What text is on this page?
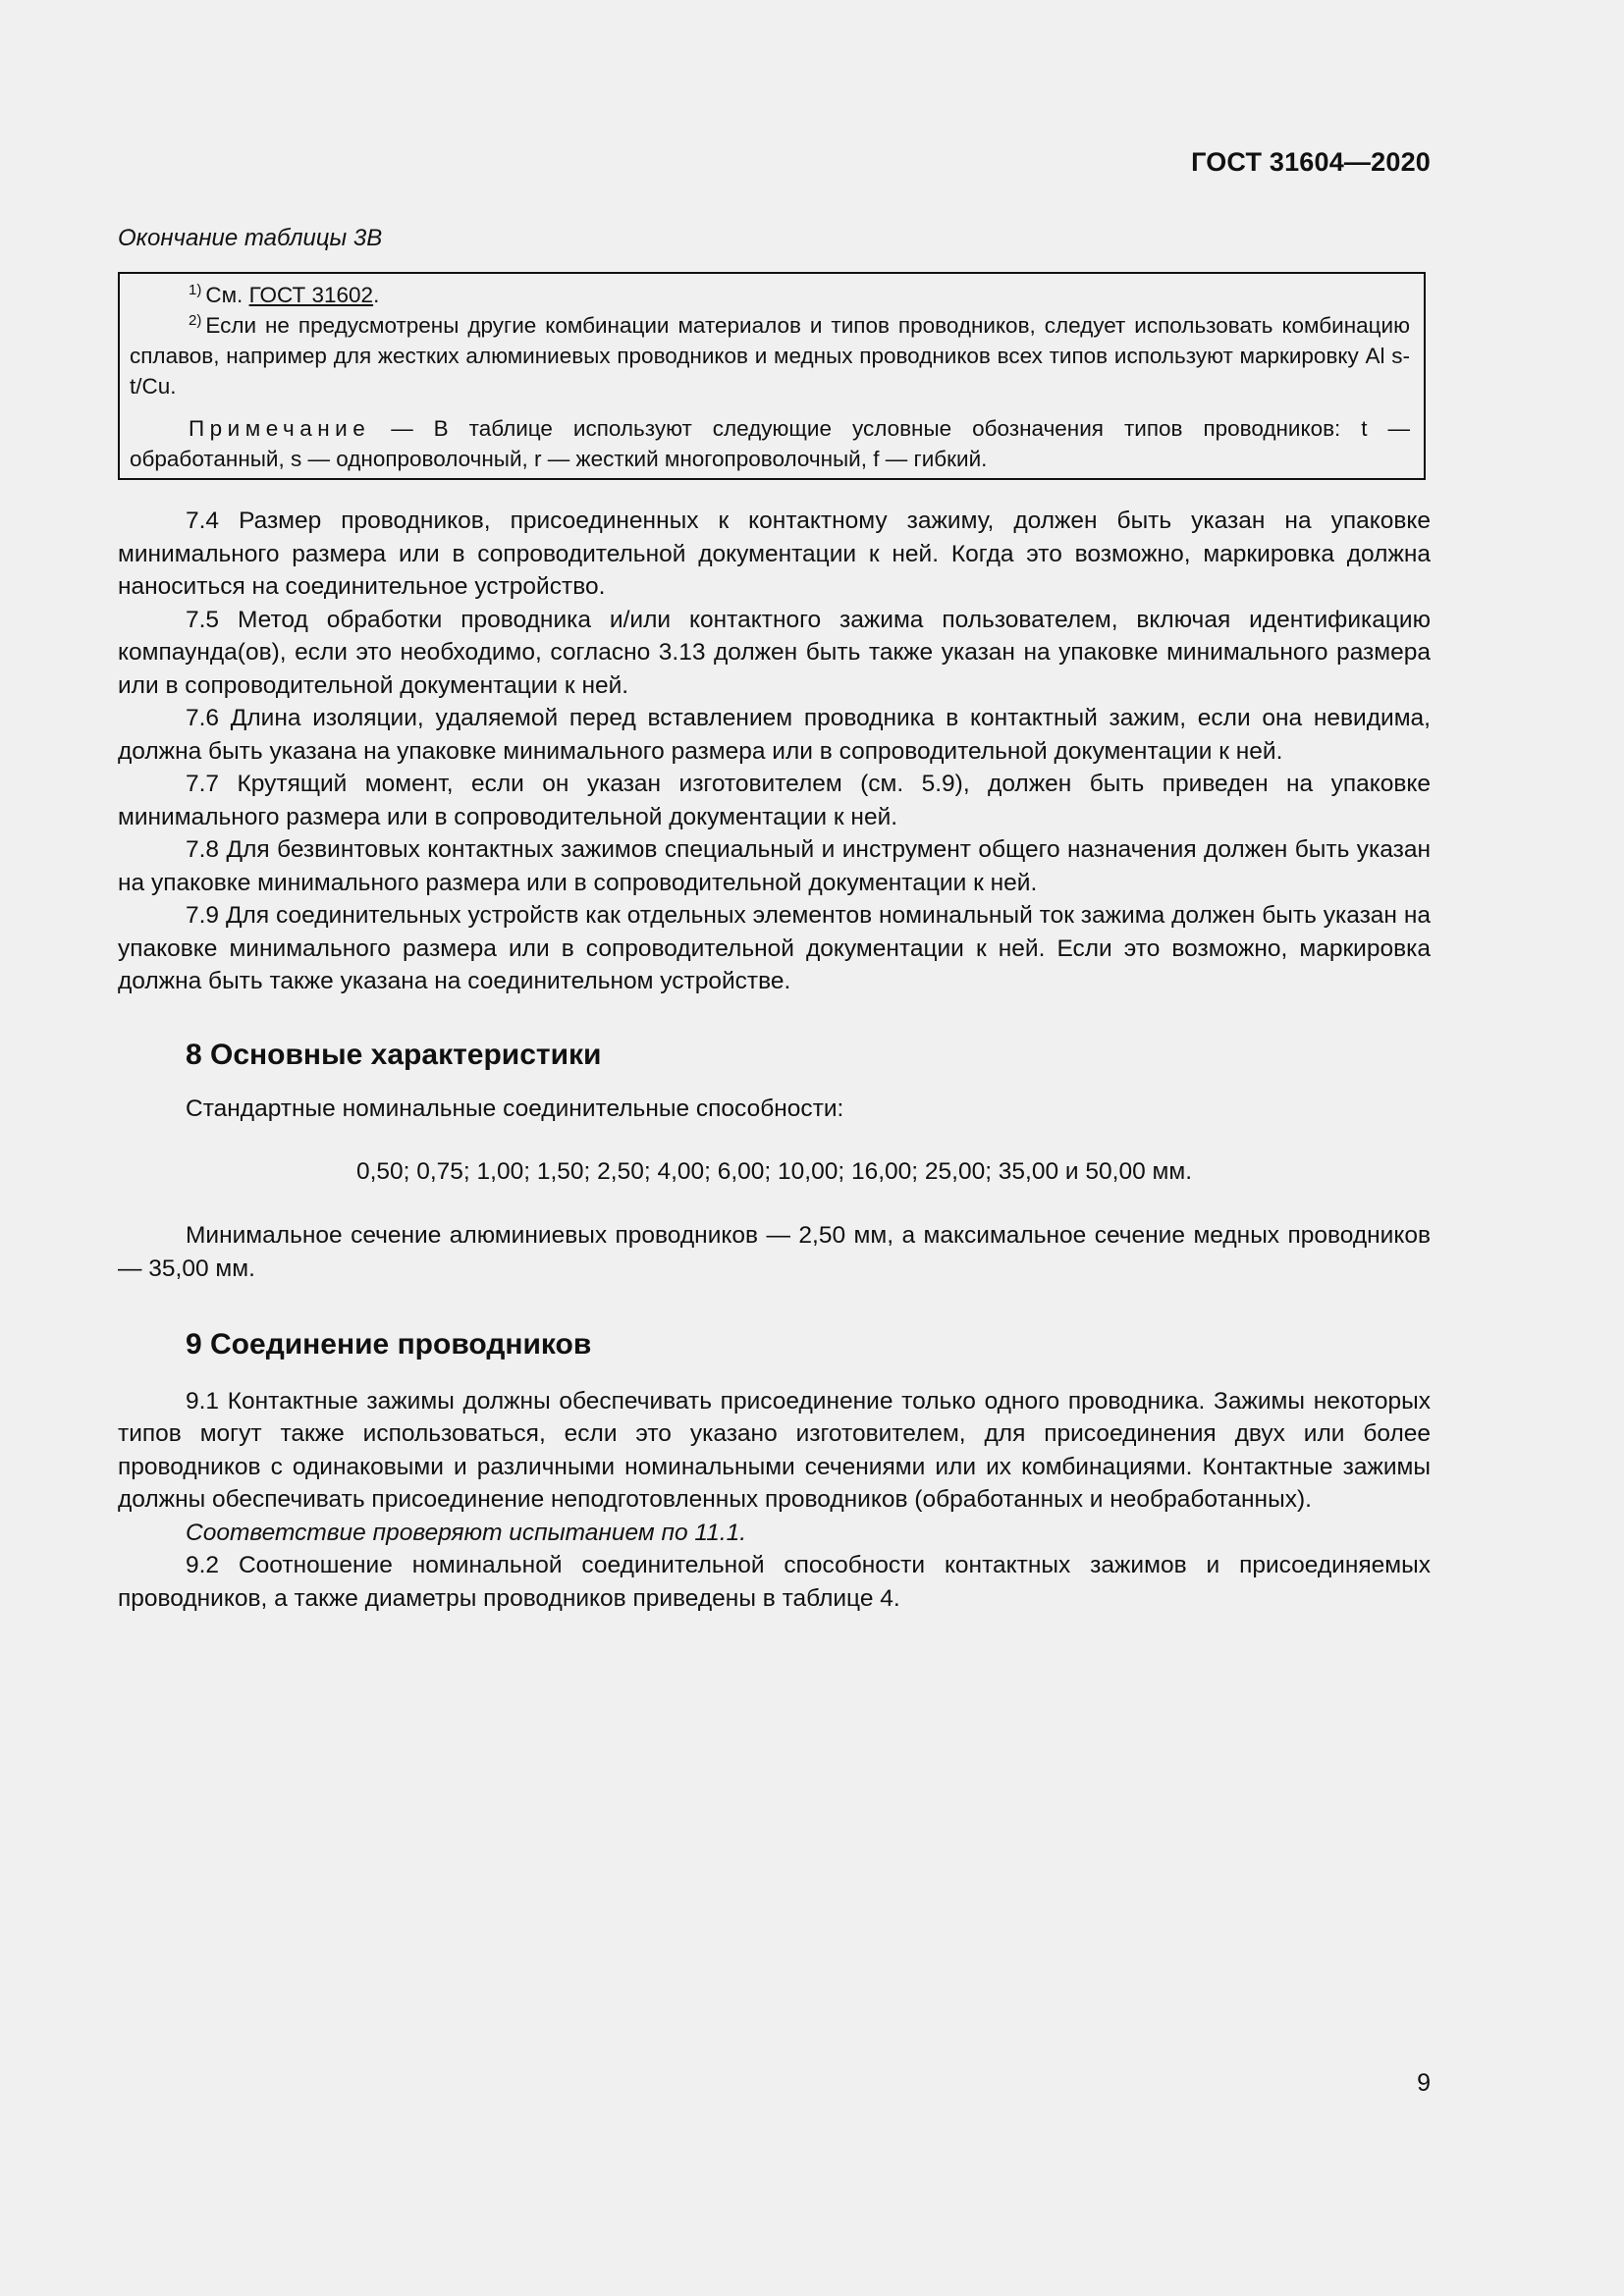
ГОСТ 31604—2020
Окончание таблицы 3В

$^{1)}$ См. ГОСТ 31602.

$^{2)}$ Если не предусмотрены другие комбинации материалов и типов проводников, следует использовать комбинацию сплавов, например для жестких алюминиевых проводников и медных проводников всех типов используют маркировку Al s-t/Cu.

Примечание — В таблице используют следующие условные обозначения типов проводников: t — обработанный, s — однопроволочный, r — жесткий многопроволочный, f — гибкий.

7.4 Размер проводников, присоединенных к контактному зажиму, должен быть указан на упаковке минимального размера или в сопроводительной документации к ней. Когда это возможно, маркировка должна наноситься на соединительное устройство.

7.5 Метод обработки проводника и/или контактного зажима пользователем, включая идентификацию компаунда(ов), если это необходимо, согласно 3.13 должен быть также указан на упаковке минимального размера или в сопроводительной документации к ней.

7.6 Длина изоляции, удаляемой перед вставлением проводника в контактный зажим, если она невидима, должна быть указана на упаковке минимального размера или в сопроводительной документации к ней.

7.7 Крутящий момент, если он указан изготовителем (см. 5.9), должен быть приведен на упаковке минимального размера или в сопроводительной документации к ней.

7.8 Для безвинтовых контактных зажимов специальный и инструмент общего назначения должен быть указан на упаковке минимального размера или в сопроводительной документации к ней.

7.9 Для соединительных устройств как отдельных элементов номинальный ток зажима должен быть указан на упаковке минимального размера или в сопроводительной документации к ней. Если это возможно, маркировка должна быть также указана на соединительном устройстве.

8 Основные характеристики

Стандартные номинальные соединительные способности:

0,50; 0,75; 1,00; 1,50; 2,50; 4,00; 6,00; 10,00; 16,00; 25,00; 35,00 и 50,00 мм.

Минимальное сечение алюминиевых проводников — 2,50 мм, а максимальное сечение медных проводников — 35,00 мм.

9 Соединение проводников

9.1 Контактные зажимы должны обеспечивать присоединение только одного проводника. Зажимы некоторых типов могут также использоваться, если это указано изготовителем, для присоединения двух или более проводников с одинаковыми и различными номинальными сечениями или их комбинациями. Контактные зажимы должны обеспечивать присоединение неподготовленных проводников (обработанных и необработанных).

Соответствие проверяют испытанием по 11.1.

9.2 Соотношение номинальной соединительной способности контактных зажимов и присоединяемых проводников, а также диаметры проводников приведены в таблице 4.

9
